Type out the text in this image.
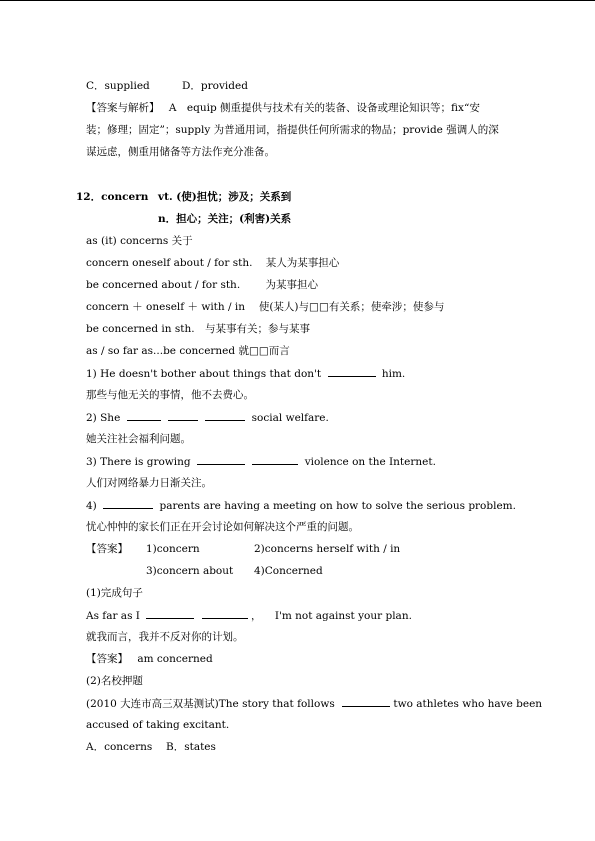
C．supplied	D．provided
【答案与解析】 A　equip 侧重提供与技术有关的装备、设备或理论知识等；fix“安
装；修理；固定”；supply 为普通用词，指提供任何所需求的物品；provide 强调人的深
谋远虑，侧重用储备等方法作充分准备。
12．concern vt. (使)担忧；涉及；关系到
n．担心；关注；(利害)关系
as (it) concerns 关于
concern oneself about / for sth. 某人为某事担心
be concerned about / for sth. 为某事担心
concern ＋ oneself ＋ with / in　 使(某人)与□□有关系；使牵涉；使参与
be concerned in sth.　与某事有关；参与某事
as / so far as...be concerned 就□□而言
1) He doesn't bother about things that don't	him.
那些与他无关的事情，他不去费心。
2) She	social welfare.
她关注社会福利问题。
3) There is growing	violence on the Internet.
人们对网络暴力日渐关注。
4)	parents are having a meeting on how to solve the serious problem.
忧心忡忡的家长们正在开会讨论如何解决这个严重的问题。
【答案】 1)concern	2)concerns herself with / in
3)concern about 4)Concerned
(1)完成句子
As far as I	， I'm not against your plan.
就我而言，我并不反对你的计划。
【答案】 am concerned
(2)名校押题
(2010 大连市高三双基测试)The story that follows	two athletes who have been
accused of taking excitant.
A．concerns B．states
